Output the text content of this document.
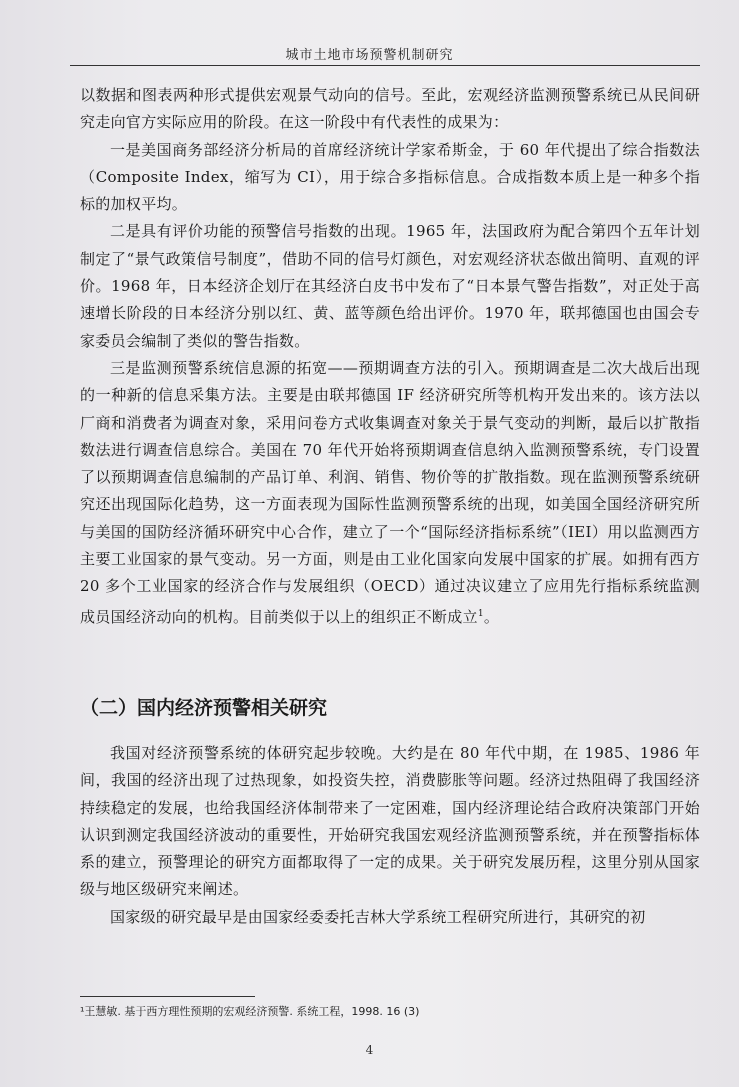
城市土地市场预警机制研究

以数据和图表两种形式提供宏观景气动向的信号。至此，宏观经济监测预警系统已从民间研究走向官方实际应用的阶段。在这一阶段中有代表性的成果为：

一是美国商务部经济分析局的首席经济统计学家希斯金，于 60 年代提出了综合指数法（Composite Index，缩写为 CI），用于综合多指标信息。合成指数本质上是一种多个指标的加权平均。

二是具有评价功能的预警信号指数的出现。1965 年，法国政府为配合第四个五年计划制定了“景气政策信号制度”，借助不同的信号灯颜色，对宏观经济状态做出简明、直观的评价。1968 年，日本经济企划厅在其经济白皮书中发布了“日本景气警告指数”，对正处于高速增长阶段的日本经济分别以红、黄、蓝等颜色给出评价。1970 年，联邦德国也由国会专家委员会编制了类似的警告指数。

三是监测预警系统信息源的拓宽——预期调查方法的引入。预期调查是二次大战后出现的一种新的信息采集方法。主要是由联邦德国 IF 经济研究所等机构开发出来的。该方法以厂商和消费者为调查对象，采用问卷方式收集调查对象关于景气变动的判断，最后以扩散指数法进行调查信息综合。美国在 70 年代开始将预期调查信息纳入监测预警系统，专门设置了以预期调查信息编制的产品订单、利润、销售、物价等的扩散指数。现在监测预警系统研究还出现国际化趋势，这一方面表现为国际性监测预警系统的出现，如美国全国经济研究所与美国的国防经济循环研究中心合作，建立了一个“国际经济指标系统”（IEI）用以监测西方主要工业国家的景气变动。另一方面，则是由工业化国家向发展中国家的扩展。如拥有西方 20 多个工业国家的经济合作与发展组织（OECD）通过决议建立了应用先行指标系统监测成员国经济动向的机构。目前类似于以上的组织正不断成立$^1$。

（二）国内经济预警相关研究

我国对经济预警系统的体研究起步较晚。大约是在 80 年代中期，在 1985、1986 年间，我国的经济出现了过热现象，如投资失控，消费膨胀等问题。经济过热阻碍了我国经济持续稳定的发展，也给我国经济体制带来了一定困难，国内经济理论结合政府决策部门开始认识到测定我国经济波动的重要性，开始研究我国宏观经济监测预警系统，并在预警指标体系的建立，预警理论的研究方面都取得了一定的成果。关于研究发展历程，这里分别从国家级与地区级研究来阐述。

国家级的研究最早是由国家经委委托吉林大学系统工程研究所进行，其研究的初

¹王慧敏. 基于西方理性预期的宏观经济预警. 系统工程，1998. 16 (3)
4
